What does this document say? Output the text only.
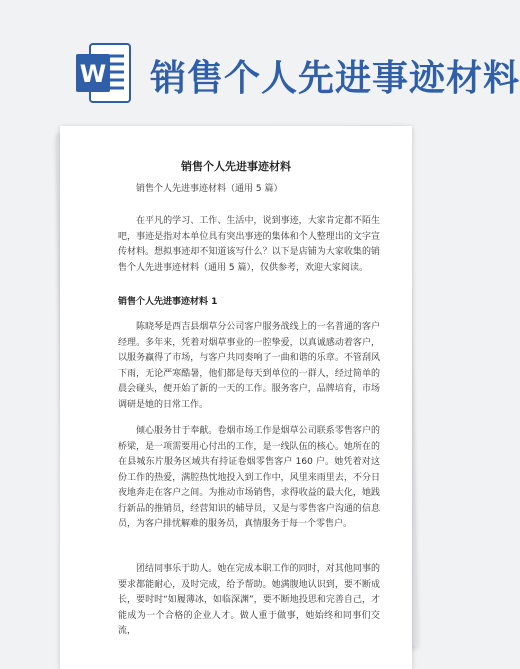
W 销售个人先进事迹材料
销售个人先进事迹材料
销售个人先进事迹材料（通用 5 篇）
在平凡的学习、工作、生活中，说到事迹，大家肯定都不陌生吧，事迹是指对本单位具有突出事迹的集体和个人整理出的文字宣传材料。想拟事迹却不知道该写什么？以下是店铺为大家收集的销售个人先进事迹材料（通用 5 篇），仅供参考，欢迎大家阅读。
销售个人先进事迹材料 1
陈晓琴是西吉县烟草分公司客户服务战线上的一名普通的客户经理。多年来，凭着对烟草事业的一腔挚爱，以真诚感动着客户，以服务赢得了市场，与客户共同奏响了一曲和谐的乐章。不管刮风下雨，无论严寒酷暑，他们都是每天到单位的一群人，经过简单的晨会碰头，便开始了新的一天的工作。服务客户，品牌培育，市场调研是她的日常工作。
倾心服务甘于奉献。卷烟市场工作是烟草公司联系零售客户的桥梁，是一项需要用心付出的工作，是一线队伍的核心。她所在的在县城东片服务区域共有持证卷烟零售客户 160 户。她凭着对这份工作的热爱，满腔热忱地投入到工作中，风里来雨里去，不分日夜地奔走在客户之间。为推动市场销售，求得收益的最大化，她践行新品的推销员，经营知识的辅导员，又是与零售客户沟通的信息员，为客户排忧解难的服务员，真情服务于每一个零售户。
团结同事乐于助人。她在完成本职工作的同时，对其他同事的要求都能耐心，及时完成，给予帮助。她满腹地认识到，要不断成长，要时时“如履薄冰，如临深渊”，要不断地投思和完善自己，才能成为一个合格的企业人才。做人重于做事，她始终和同事们交流，
